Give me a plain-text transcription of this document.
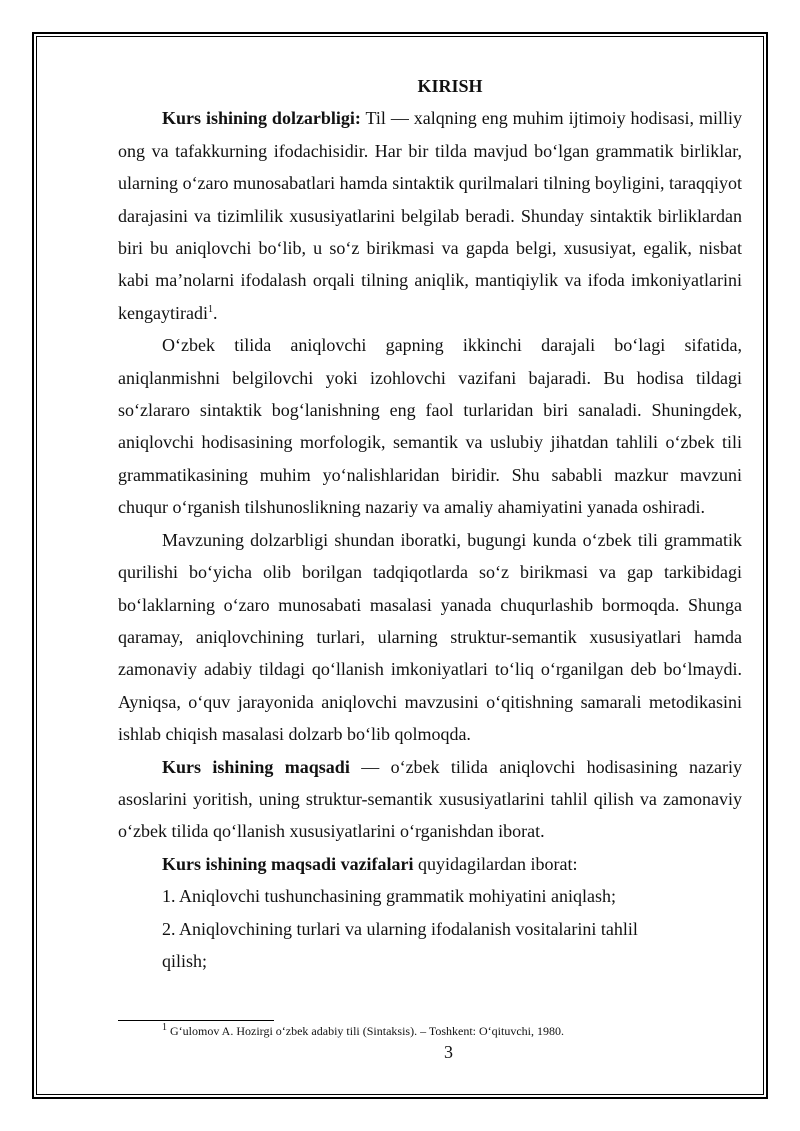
KIRISH

Kurs ishining dolzarbligi: Til — xalqning eng muhim ijtimoiy hodisasi, milliy ong va tafakkurning ifodachisidir. Har bir tilda mavjud bo‘lgan grammatik birliklar, ularning o‘zaro munosabatlari hamda sintaktik qurilmalari tilning boyligini, taraqqiyot darajasini va tizimlilik xususiyatlarini belgilab beradi. Shunday sintaktik birliklardan biri bu aniqlovchi bo‘lib, u so‘z birikmasi va gapda belgi, xususiyat, egalik, nisbat kabi ma’nolarni ifodalash orqali tilning aniqlik, mantiqiylik va ifoda imkoniyatlarini kengaytiradi$^1$.

O‘zbek tilida aniqlovchi gapning ikkinchi darajali bo‘lagi sifatida, aniqlanmishni belgilovchi yoki izohlovchi vazifani bajaradi. Bu hodisa tildagi so‘zlararo sintaktik bog‘lanishning eng faol turlaridan biri sanaladi. Shuningdek, aniqlovchi hodisasining morfologik, semantik va uslubiy jihatdan tahlili o‘zbek tili grammatikasining muhim yo‘nalishlaridan biridir. Shu sababli mazkur mavzuni chuqur o‘rganish tilshunoslikning nazariy va amaliy ahamiyatini yanada oshiradi.

Mavzuning dolzarbligi shundan iboratki, bugungi kunda o‘zbek tili grammatik qurilishi bo‘yicha olib borilgan tadqiqotlarda so‘z birikmasi va gap tarkibidagi bo‘laklarning o‘zaro munosabati masalasi yanada chuqurlashib bormoqda. Shunga qaramay, aniqlovchining turlari, ularning struktur-semantik xususiyatlari hamda zamonaviy adabiy tildagi qo‘llanish imkoniyatlari to‘liq o‘rganilgan deb bo‘lmaydi. Ayniqsa, o‘quv jarayonida aniqlovchi mavzusini o‘qitishning samarali metodikasini ishlab chiqish masalasi dolzarb bo‘lib qolmoqda.

Kurs ishining maqsadi — o‘zbek tilida aniqlovchi hodisasining nazariy asoslarini yoritish, uning struktur-semantik xususiyatlarini tahlil qilish va zamonaviy o‘zbek tilida qo‘llanish xususiyatlarini o‘rganishdan iborat.

Kurs ishining maqsadi vazifalari quyidagilardan iborat:

1. Aniqlovchi tushunchasining grammatik mohiyatini aniqlash;
2. Aniqlovchining turlari va ularning ifodalanish vositalarini tahlil
qilish;
$^1$ G‘ulomov A. Hozirgi o‘zbek adabiy tili (Sintaksis). – Toshkent: O‘qituvchi, 1980.
3
